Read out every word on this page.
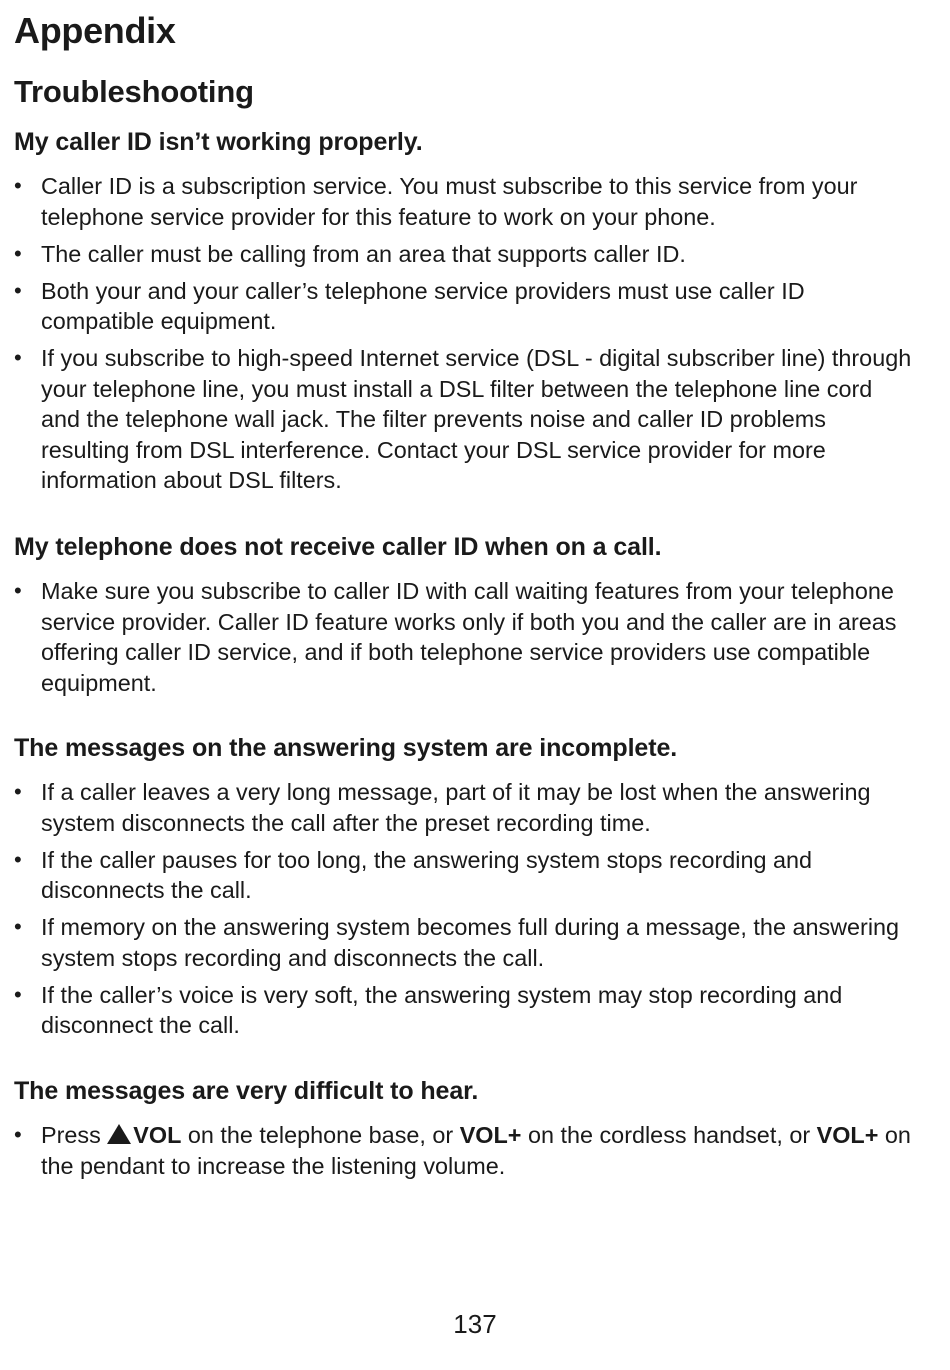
Appendix
Troubleshooting
My caller ID isn’t working properly.
• Caller ID is a subscription service. You must subscribe to this service from your telephone service provider for this feature to work on your phone.
• The caller must be calling from an area that supports caller ID.
• Both your and your caller’s telephone service providers must use caller ID compatible equipment.
• If you subscribe to high-speed Internet service (DSL - digital subscriber line) through your telephone line, you must install a DSL filter between the telephone line cord and the telephone wall jack. The filter prevents noise and caller ID problems resulting from DSL interference. Contact your DSL service provider for more information about DSL filters.
My telephone does not receive caller ID when on a call.
• Make sure you subscribe to caller ID with call waiting features from your telephone service provider. Caller ID feature works only if both you and the caller are in areas offering caller ID service, and if both telephone service providers use compatible equipment.
The messages on the answering system are incomplete.
• If a caller leaves a very long message, part of it may be lost when the answering system disconnects the call after the preset recording time.
• If the caller pauses for too long, the answering system stops recording and disconnects the call.
• If memory on the answering system becomes full during a message, the answering system stops recording and disconnects the call.
• If the caller’s voice is very soft, the answering system may stop recording and disconnect the call.
The messages are very difficult to hear.
• Press VOL on the telephone base, or VOL+ on the cordless handset, or VOL+ on the pendant to increase the listening volume.
137
